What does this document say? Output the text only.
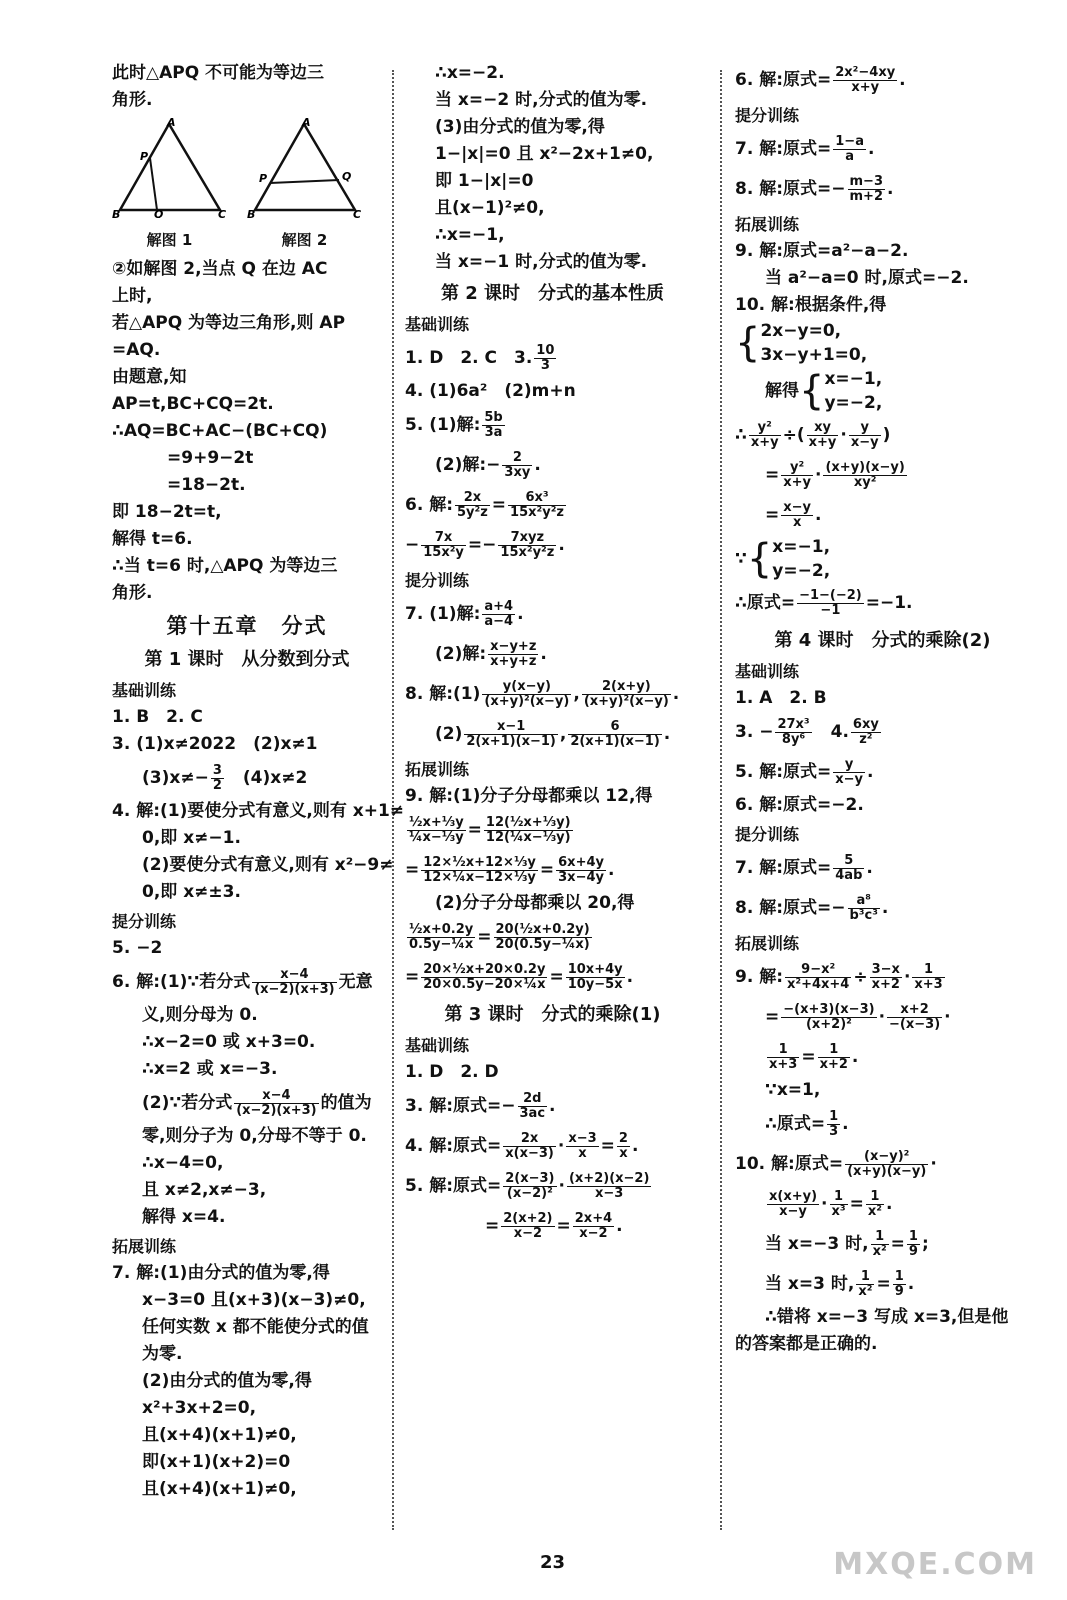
此时△APQ 不可能为等边三
角形.
A
P
B	Q	C
解图 1
A
P	Q
B	C
解图 2
②如解图 2,当点 Q 在边 AC
上时,
若△APQ 为等边三角形,则 AP
=AQ.
由题意,知
AP=t,BC+CQ=2t.
∴AQ=BC+AC−(BC+CQ)
=9+9−2t
=18−2t.
即 18−2t=t,
解得 t=6.
∴当 t=6 时,△APQ 为等边三
角形.
第十五章　分式
第 1 课时　从分数到分式
基础训练
1. B　2. C
3. (1)x≠2022　(2)x≠1
$(3)x\ne- \frac{3}{2}$ 　(4)x≠2
4. 解:(1)要使分式有意义,则有 x+1≠
0,即 x≠−1.
(2)要使分式有意义,则有 x²−9≠
0,即 x≠±3.
提分训练
5. −2
6. 解:(1)∵若分式 $\frac{x-4}{(x-2)(x+3)}$ 无意
义,则分母为 0.
∴x−2=0 或 x+3=0.
∴x=2 或 x=−3.
(2)∵若分式 $\frac{x-4}{(x-2)(x+3)}$ 的值为
零,则分子为 0,分母不等于 0.
∴x−4=0,
且 x≠2,x≠−3,
解得 x=4.
拓展训练
7. 解:(1)由分式的值为零,得
x−3=0 且(x+3)(x−3)≠0,
任何实数 x 都不能使分式的值
为零.
(2)由分式的值为零,得
x²+3x+2=0,
且(x+4)(x+1)≠0,
即(x+1)(x+2)=0
且(x+4)(x+1)≠0,
∴x=−2.
当 x=−2 时,分式的值为零.
(3)由分式的值为零,得
1−|x|=0 且 x²−2x+1≠0,
即 1−|x|=0
且(x−1)²≠0,
∴x=−1,
当 x=−1 时,分式的值为零.
第 2 课时　分式的基本性质
基础训练
1. D　2. C　3. $\frac{10}{3}$
4. (1)6a²　(2)m+n
5. (1)解: $\frac{5b}{3a}$
(2)解:− $\frac{2}{3xy}$ .
6. 解: $\frac{2x}{\text{5y²z}} = \frac{\text{6x³}}{\text{15x²y²z}}$
− $\frac{7x}{\text{15x²y}}$ =−	7xyz
15x²y²z .
提分训练
7. (1)解: $\frac{a+4}{a-4}$ .
(2)解: $\frac{x-y+z}{x+y+z}$ .
8. 解:(1) $\frac{y(x-y)}{\text{(x+y)²(x−y)}}$ , $\frac{2(x+y)}{\text{(x+y)²(x−y)}}$ .
$(2) \frac{x-1}{2(x+1)(x-1)}$ , $\frac{6}{2(x+1)(x-1)}$ .
拓展训练
9. 解:(1)分子分母都乘以 12,得
$\frac{\text{½x+⅓y}}{\text{¼x−⅓y}} = \frac{\text{12(½x+⅓y)}}{\text{12(¼x−⅓y)}}$
= $\frac{\text{12×½x+12×⅓y}}{\text{12×¼x−12×⅓y}} = \frac{6x+4y}{3x-4y}$ .
(2)分子分母都乘以 20,得
$\frac{\text{½x+0.2y}}{\text{0.5y−¼x}} = \frac{\text{20(½x+0.2y)}}{\text{20(0.5y−¼x)}}$
= $\frac{\text{20×½x+20×0.2y}}{\text{20×0.5y−20×¼x}} = \frac{10x+4y}{10y-5x}$ .
第 3 课时　分式的乘除(1)
基础训练
1. D　2. D
3. 解:原式=− $\frac{2d}{3ac}$ .
4. 解:原式= $\frac{2x}{x(x-3)} \cdot \frac{x-3}{x} = \frac{2}{x}$ .
5. 解:原式= $\frac{2(x-3)}{\text{(x−2)²}} \cdot \frac{(x+2)(x-2)}{x-3}$
= $\frac{2(x+2)}{x-2} = \frac{2x+4}{x-2}$ .
6. 解:原式= $\frac{\text{2x²−4xy}}{x+y}$ .
提分训练
7. 解:原式= $\frac{1-a}{a}$ .
8. 解:原式=− $\frac{m-3}{m+2}$ .
拓展训练
9. 解:原式=a²−a−2.
当 a²−a=0 时,原式=−2.
10. 解:根据条件,得
{2x−y=0,
3x−y+1=0,
解得{x=−1,
y=−2,
∴ $\frac{\text{y²}}{x+y}$ ÷( $\frac{xy}{x+y} \cdot \frac{y}{x-y}$ )
= $\frac{\text{y²}}{x+y} \cdot \frac{(x+y)(x-y)}{\text{xy²}}$
= $\frac{x-y}{x}$ .
∵{x=−1,
y=−2,
∴原式= $\frac{-1-(-2)}{-1} =-1$.
第 4 课时　分式的乘除(2)
基础训练
1. A　2. B
3. − $\frac{\text{27x³}}{\text{8y⁶}}$
　 4. $\frac{6xy}{\text{z²}}$
5. 解:原式= $\frac{y}{x-y}$ .
6. 解:原式=−2.
提分训练
7. 解:原式= $\frac{5}{4ab}$ .
8. 解:原式=− $\frac{\text{a⁸}}{\text{b³c³}}$ .
拓展训练
9. 解: $\frac{\text{9−x²}}{\text{x²+4x+4}} \div \frac{3-x}{x+2} \cdot \frac{1}{x+3}$
= $\frac{-(x+3)(x-3)}{\text{(x+2)²}} \cdot \frac{x+2}{-(x-3)}$ ·
$\frac{1}{x+3} = \frac{1}{x+2}$ .
∵x=1,
∴原式= $\frac{1}{3}$ .
10. 解:原式= $\frac{\text{(x−y)²}}{(x+y)(x-y)}$ ·
$\frac{x(x+y)}{x-y} \cdot \frac{1}{\text{x³}} = \frac{1}{\text{x²}}$ .
当 x=−3 时, $\frac{1}{\text{x²}} = \frac{1}{9}$ ;
当 x=3 时, $\frac{1}{\text{x²}} = \frac{1}{9}$ .
∴错将 x=−3 写成 x=3,但是他
的答案都是正确的.
23	MXQE.COM
